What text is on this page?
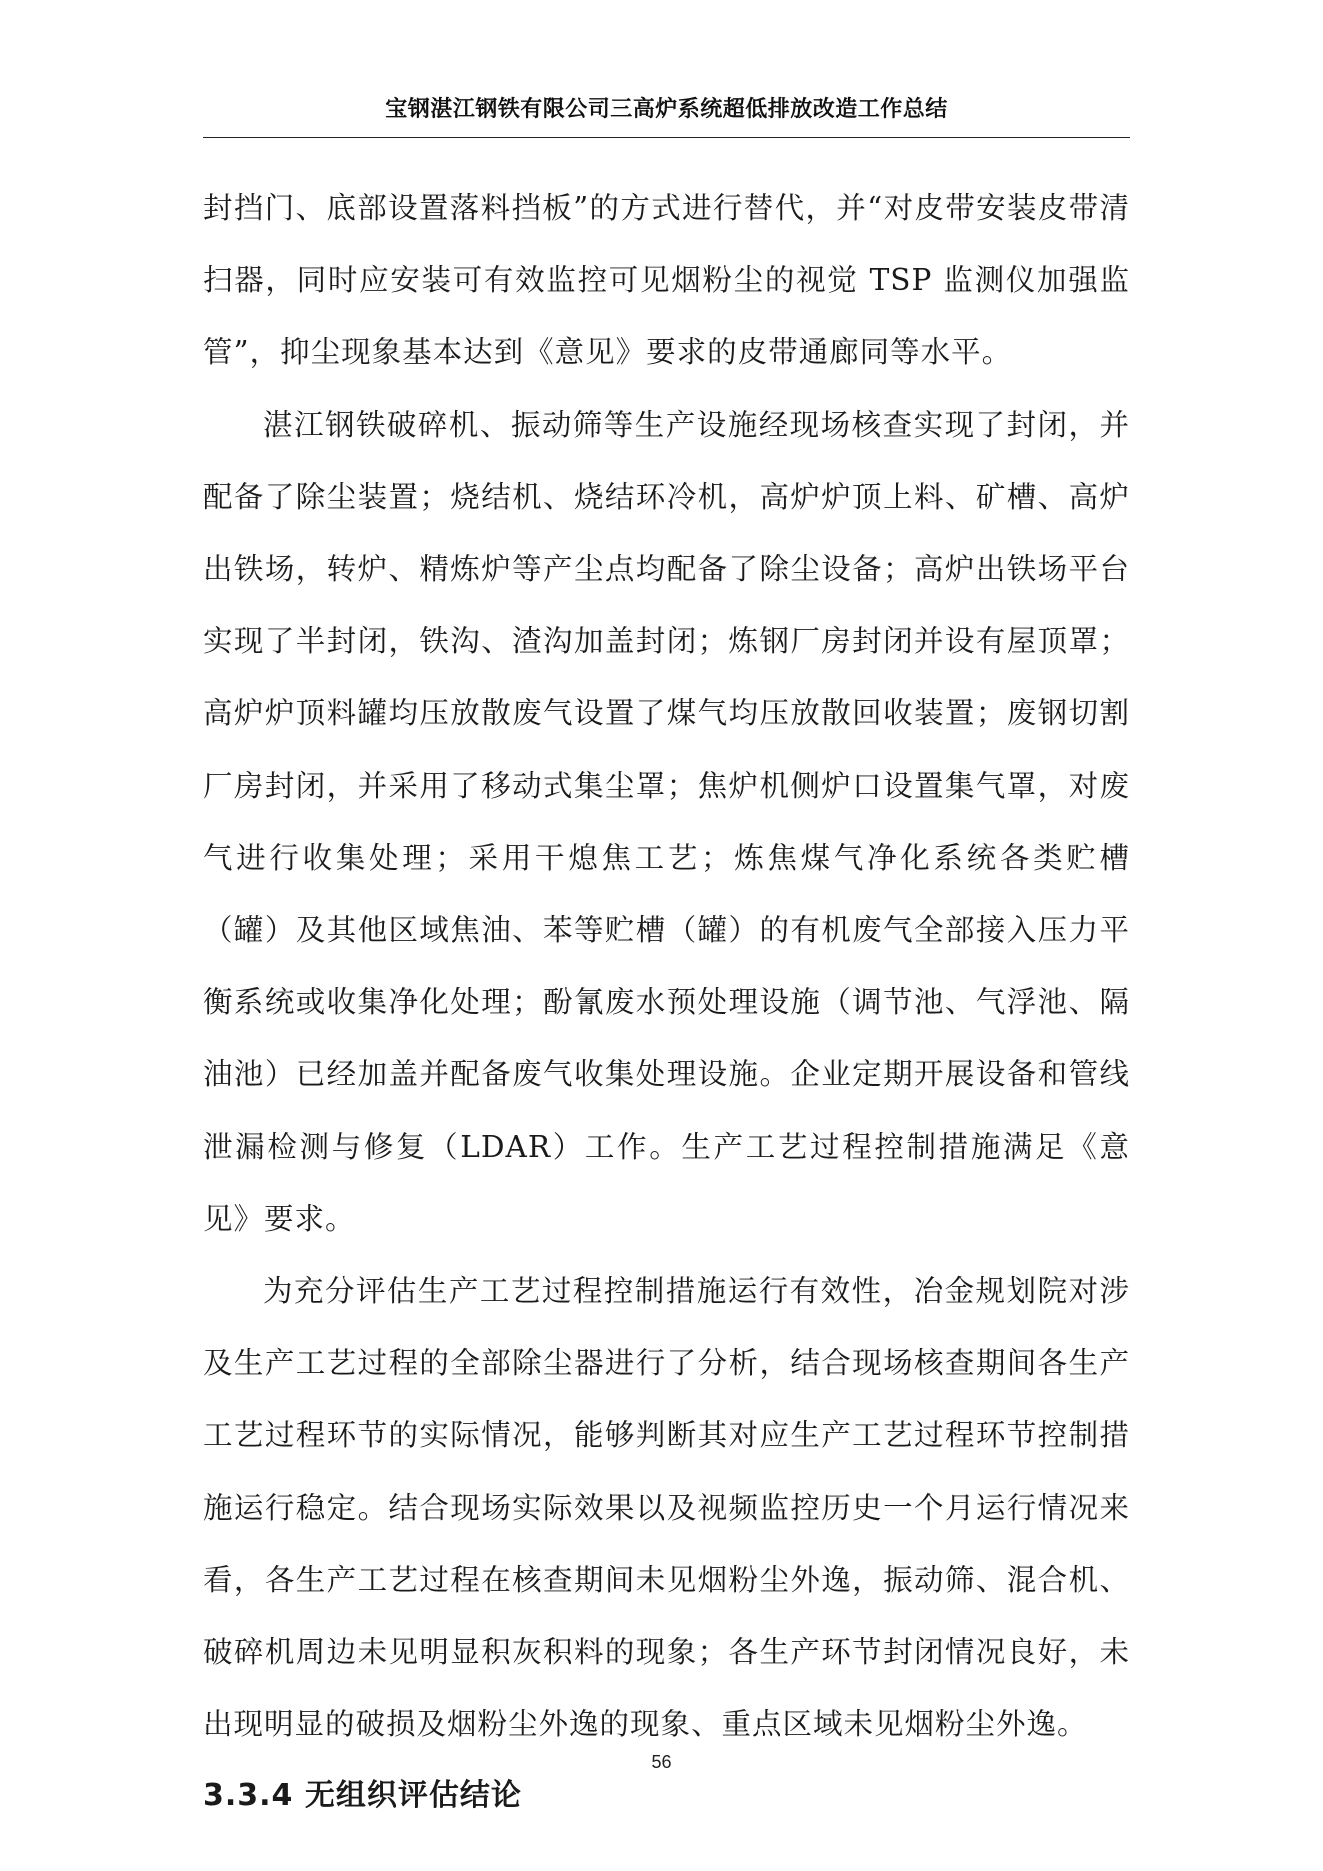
宝钢湛江钢铁有限公司三高炉系统超低排放改造工作总结

封挡门、底部设置落料挡板”的方式进行替代，并“对皮带安装皮带清扫器，同时应安装可有效监控可见烟粉尘的视觉 TSP 监测仪加强监管”，抑尘现象基本达到《意见》要求的皮带通廊同等水平。

湛江钢铁破碎机、振动筛等生产设施经现场核查实现了封闭，并配备了除尘装置；烧结机、烧结环冷机，高炉炉顶上料、矿槽、高炉出铁场，转炉、精炼炉等产尘点均配备了除尘设备；高炉出铁场平台实现了半封闭，铁沟、渣沟加盖封闭；炼钢厂房封闭并设有屋顶罩；高炉炉顶料罐均压放散废气设置了煤气均压放散回收装置；废钢切割厂房封闭，并采用了移动式集尘罩；焦炉机侧炉口设置集气罩，对废气进行收集处理；采用干熄焦工艺；炼焦煤气净化系统各类贮槽（罐）及其他区域焦油、苯等贮槽（罐）的有机废气全部接入压力平衡系统或收集净化处理；酚氰废水预处理设施（调节池、气浮池、隔油池）已经加盖并配备废气收集处理设施。企业定期开展设备和管线泄漏检测与修复（LDAR）工作。生产工艺过程控制措施满足《意见》要求。

为充分评估生产工艺过程控制措施运行有效性，冶金规划院对涉及生产工艺过程的全部除尘器进行了分析，结合现场核查期间各生产工艺过程环节的实际情况，能够判断其对应生产工艺过程环节控制措施运行稳定。结合现场实际效果以及视频监控历史一个月运行情况来看，各生产工艺过程在核查期间未见烟粉尘外逸，振动筛、混合机、破碎机周边未见明显积灰积料的现象；各生产环节封闭情况良好，未出现明显的破损及烟粉尘外逸的现象、重点区域未见烟粉尘外逸。

3.3.4 无组织评估结论
56
